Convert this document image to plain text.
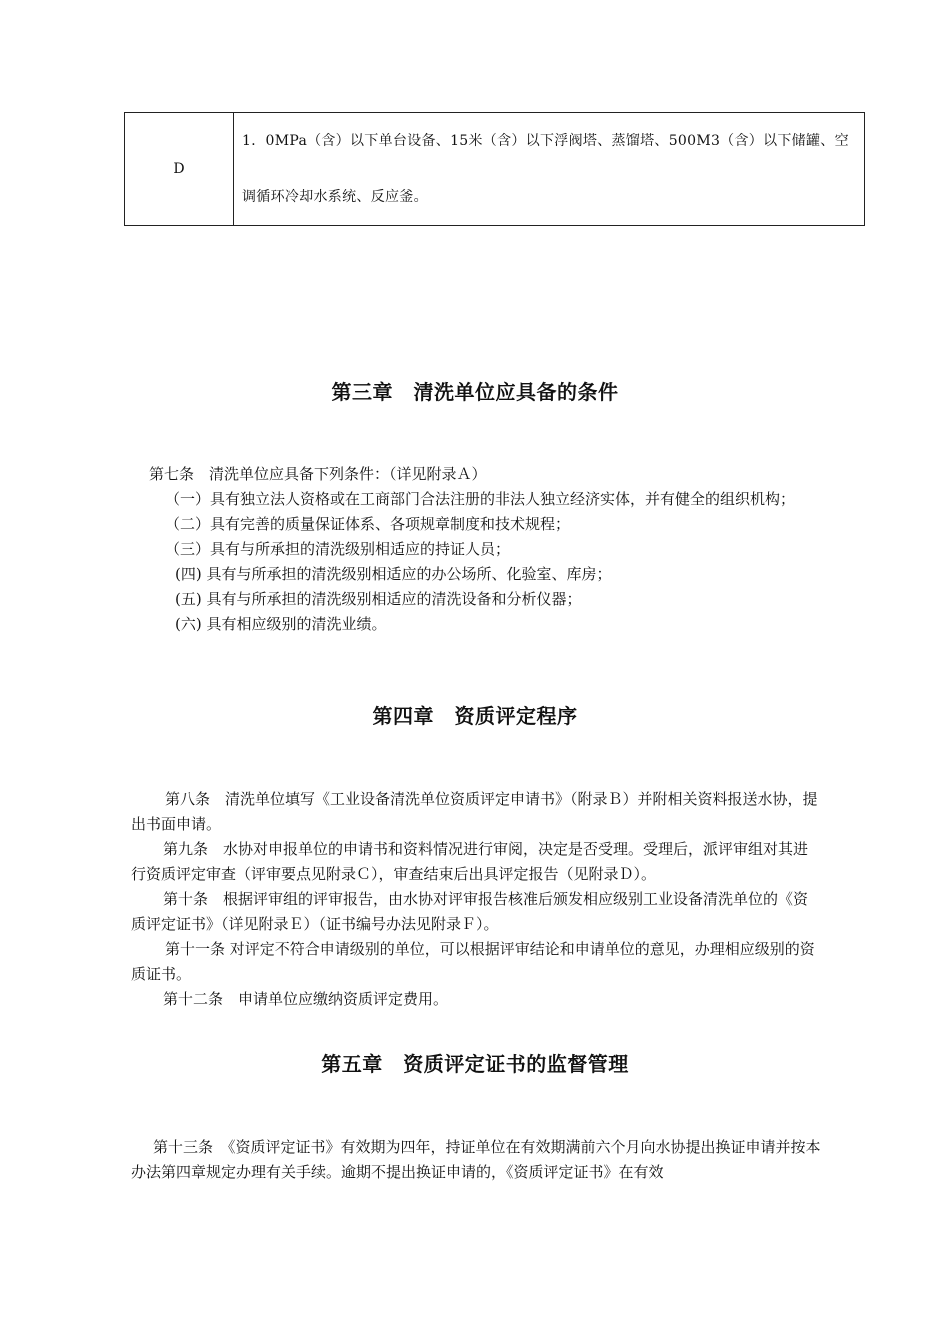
D	1．0MPa（含）以下单台设备、15米（含）以下浮阀塔、蒸馏塔、500M3（含）以下储罐、空调循环冷却水系统、反应釜。
第三章　清洗单位应具备的条件

第七条　清洗单位应具备下列条件：（详见附录Ａ）

（一）具有独立法人资格或在工商部门合法注册的非法人独立经济实体，并有健全的组织机构；

（二）具有完善的质量保证体系、各项规章制度和技术规程；

（三）具有与所承担的清洗级别相适应的持证人员；

(四) 具有与所承担的清洗级别相适应的办公场所、化验室、库房；

(五) 具有与所承担的清洗级别相适应的清洗设备和分析仪器；

(六) 具有相应级别的清洗业绩。

第四章　资质评定程序

第八条　清洗单位填写《工业设备清洗单位资质评定申请书》（附录Ｂ）并附相关资料报送水协，提出书面申请。

第九条　水协对申报单位的申请书和资料情况进行审阅，决定是否受理。受理后，派评审组对其进行资质评定审查（评审要点见附录Ｃ），审查结束后出具评定报告（见附录Ｄ）。

第十条　根据评审组的评审报告，由水协对评审报告核准后颁发相应级别工业设备清洗单位的《资质评定证书》（详见附录Ｅ）（证书编号办法见附录Ｆ）。

第十一条 对评定不符合申请级别的单位，可以根据评审结论和申请单位的意见，办理相应级别的资质证书。

第十二条　申请单位应缴纳资质评定费用。

第五章　资质评定证书的监督管理

第十三条　《资质评定证书》有效期为四年，持证单位在有效期满前六个月向水协提出换证申请并按本办法第四章规定办理有关手续。逾期不提出换证申请的，《资质评定证书》在有效
